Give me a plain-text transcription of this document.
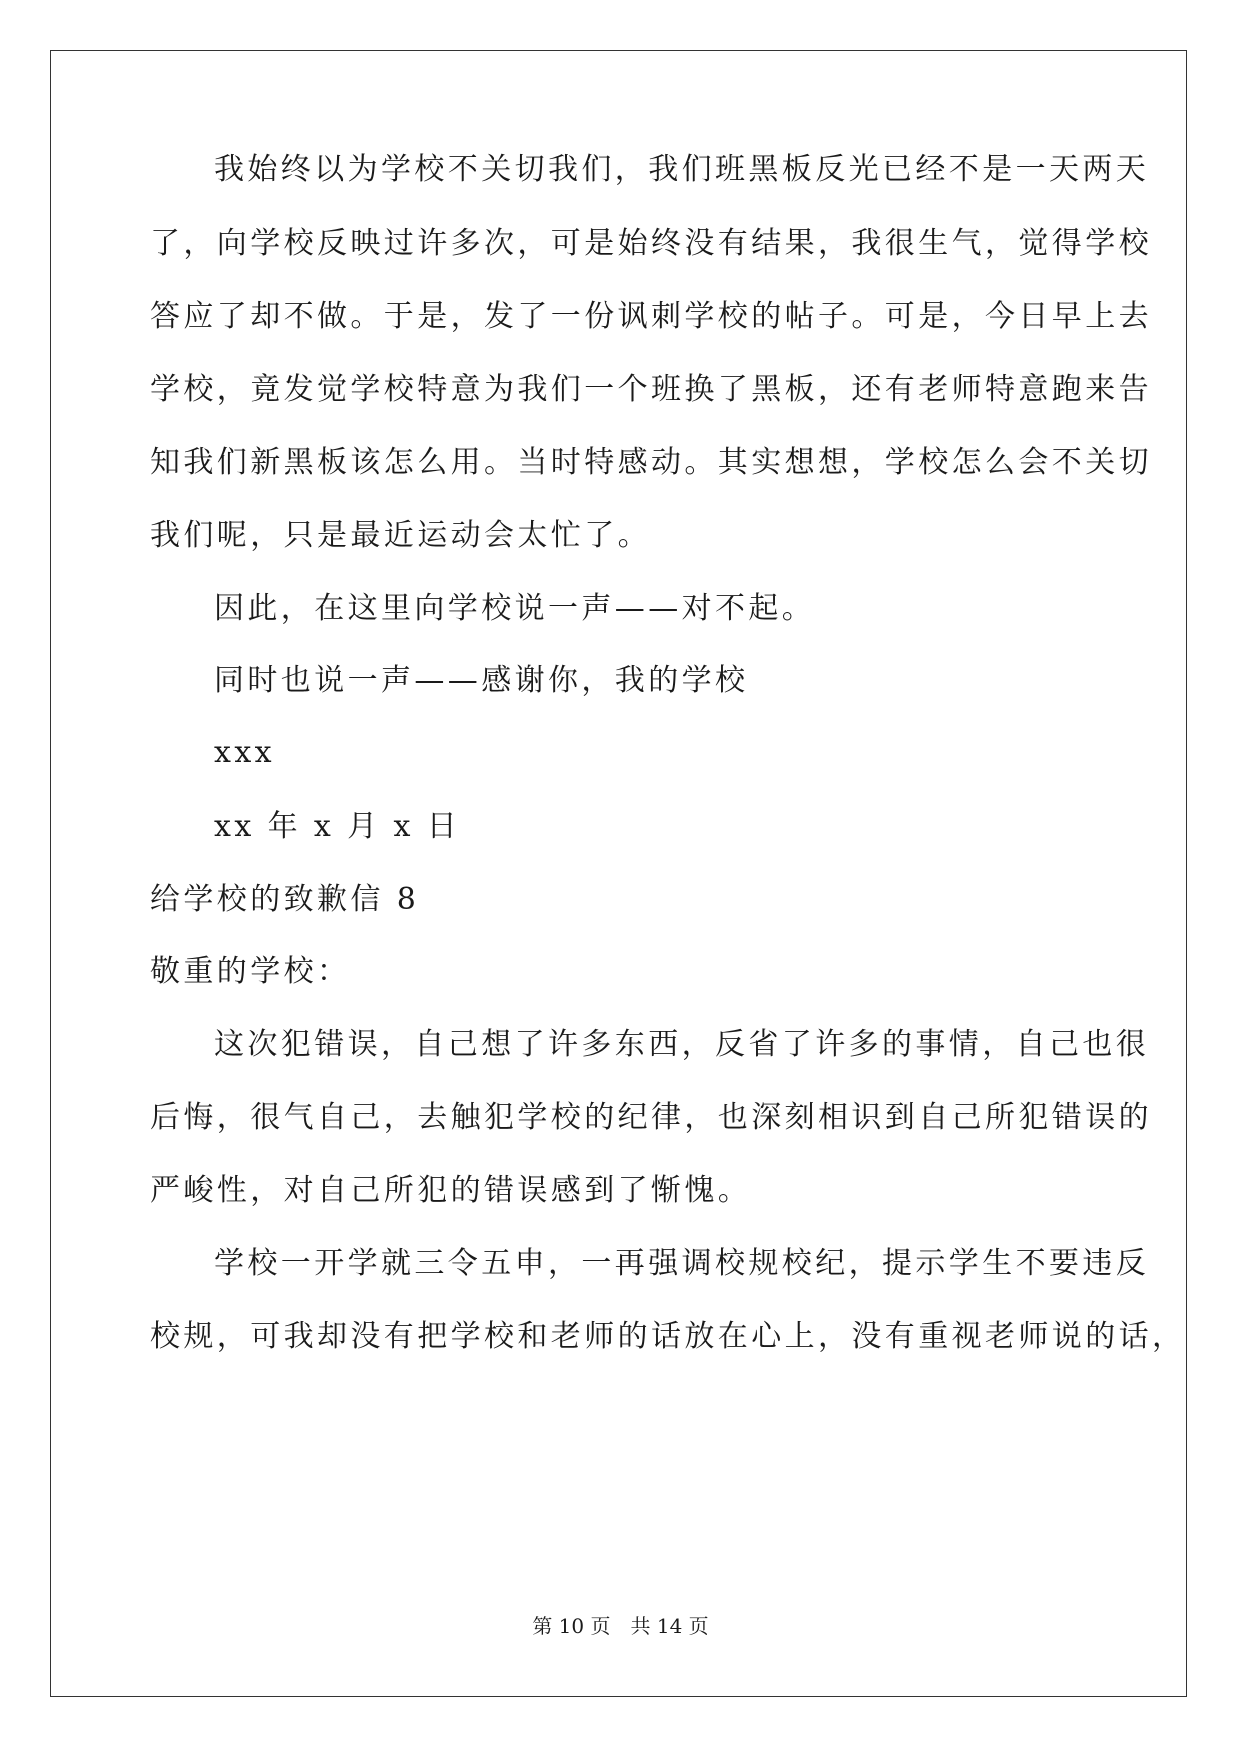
我始终以为学校不关切我们，我们班黑板反光已经不是一天两天
了，向学校反映过许多次，可是始终没有结果，我很生气，觉得学校
答应了却不做。于是，发了一份讽刺学校的帖子。可是，今日早上去
学校，竟发觉学校特意为我们一个班换了黑板，还有老师特意跑来告
知我们新黑板该怎么用。当时特感动。其实想想，学校怎么会不关切
我们呢，只是最近运动会太忙了。
因此，在这里向学校说一声——对不起。
同时也说一声——感谢你，我的学校
xxx
xx 年 x 月 x 日
给学校的致歉信 8
敬重的学校：
这次犯错误，自己想了许多东西，反省了许多的事情，自己也很
后悔，很气自己，去触犯学校的纪律，也深刻相识到自己所犯错误的
严峻性，对自己所犯的错误感到了惭愧。
学校一开学就三令五申，一再强调校规校纪，提示学生不要违反
校规，可我却没有把学校和老师的话放在心上，没有重视老师说的话，
第 10 页　共 14 页
